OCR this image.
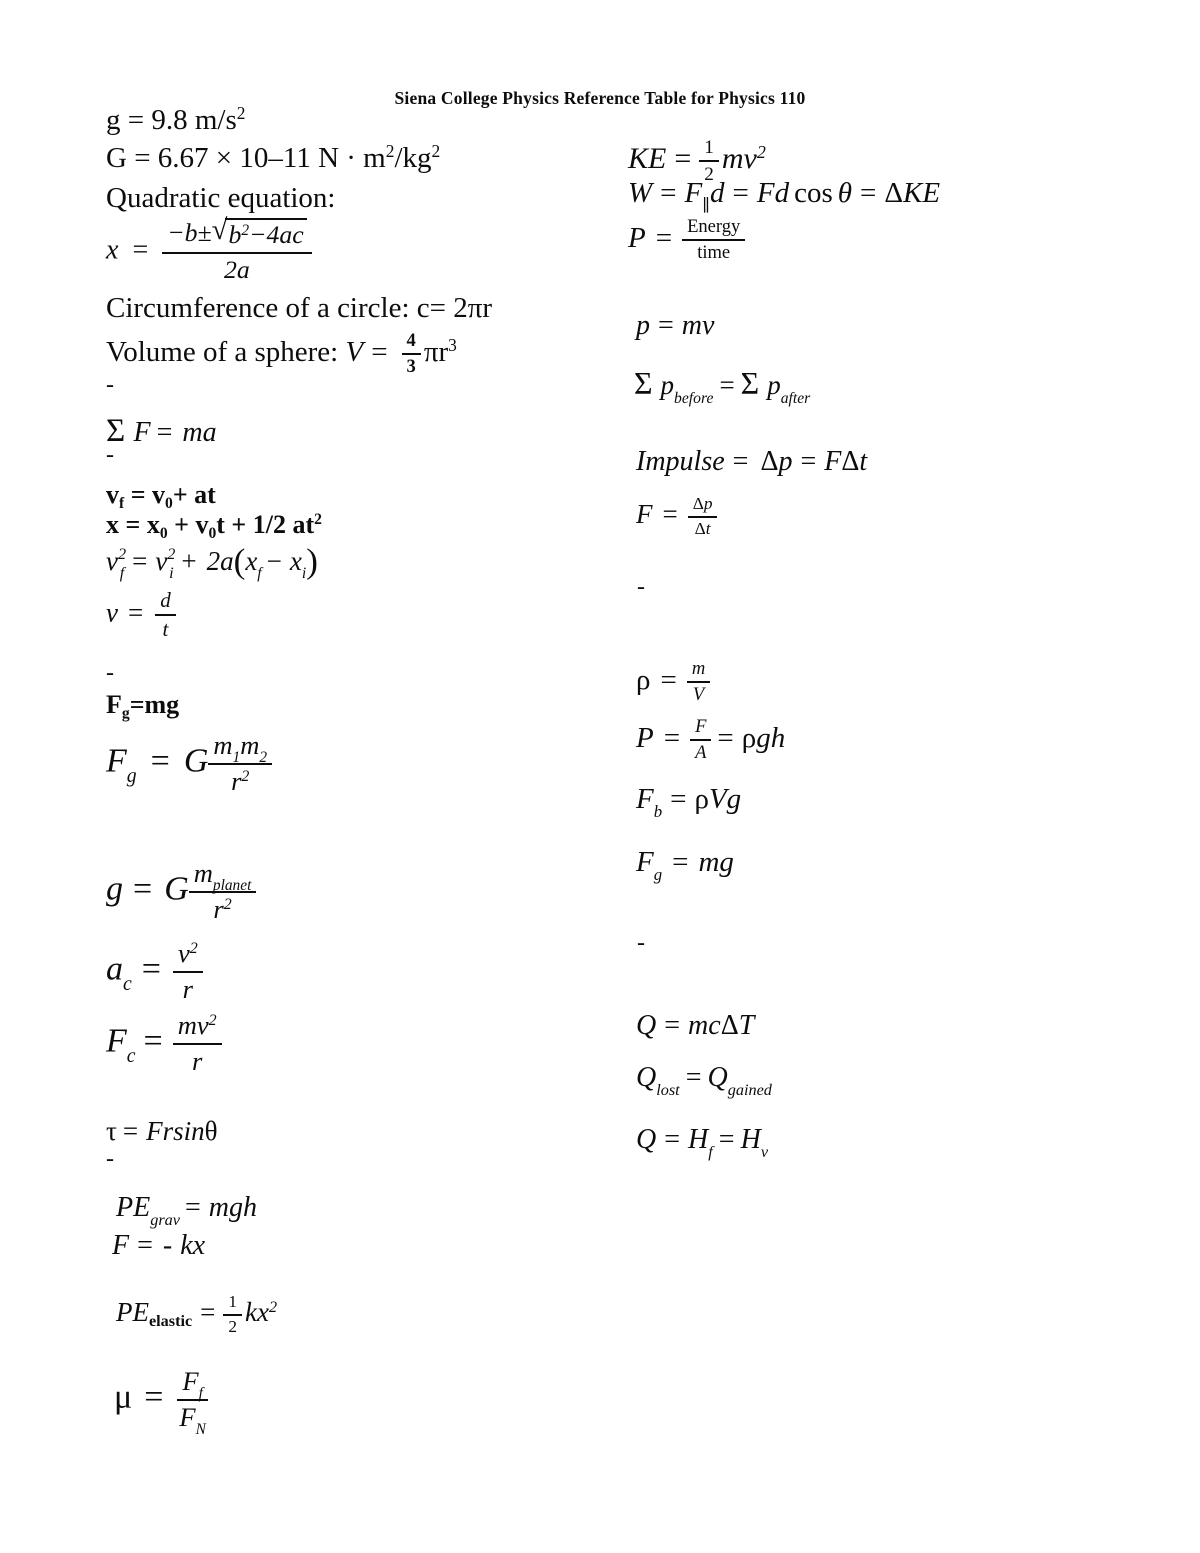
Siena College Physics Reference Table for Physics 110
g = 9.8 $m/s^2$
G = 6.67 × 10–11 $N \cdot m^2/kg^2$
Quadratic equation:
$x = \frac{-b\pm √ b^2-4ac}{2a}$
Circumference of a circle: c= 2πr
Volume of a sphere: $V = \frac{4}{3} \pi r^3$
-
Σ F = ma
-
vf = v0+ at
x = x0 + v0t + 1/2 $at^2$
v 2
f = v 2
$i + 2a(x_f - x_i)$
$v = \frac{d}{t}$
-
Fg=mg
$F_g = G \frac{m_1m_2}{r^2}$
g = G $\frac{m_{planet}}{r^2}$
$a_c = \frac{v^2}{r}$
$F_c = \frac{mv^2}{r}$
τ = Frsinθ
-
$PE_{grav}$ = mgh
F = ‐ kx
PEelastic = $\frac{1}{2} kx^2$
$\mu = \frac{F_f}{F_N}$
KE = $\frac{1}{2} mv^2$
$W = F_\parallel d = Fd$ cos θ = ΔKE
$P = \frac{\text{Energy}}{\text{time}}$
p = mv
Σ $p_{before} = \Sigma$ $p_{after}$
Impulse = Δp = FΔt
$F = \frac{\Delta p}{\Delta t}$
-
$\rho = \frac{m}{V}$
$P = \frac{F}{A} = \rho gh$
$F_b = \rho Vg$
$F_g$ = mg
-
Q = mcΔT
$Q_{lost} = Q_{gained}$
$Q = H_f = H_v$
